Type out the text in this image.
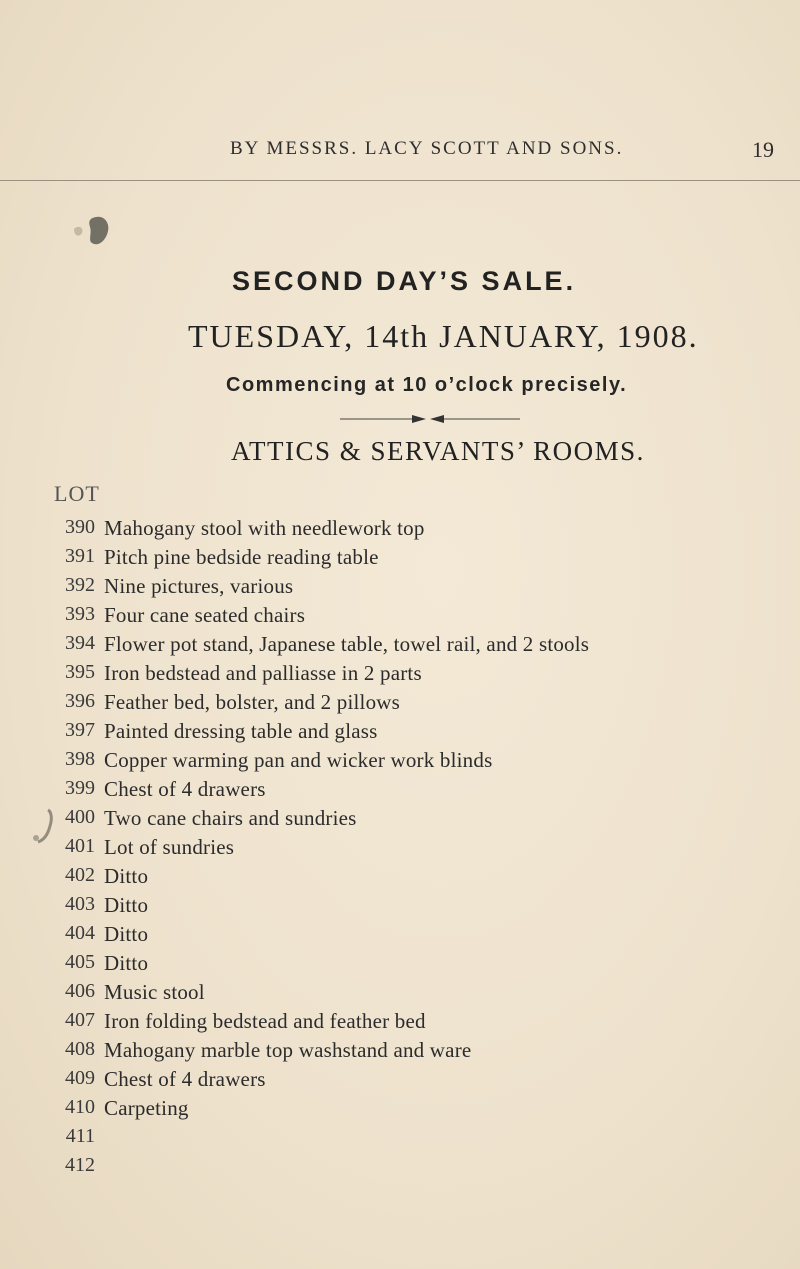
BY MESSRS. LACY SCOTT AND SONS.	19
SECOND DAY’S SALE.
TUESDAY, 14th JANUARY, 1908.
Commencing at 10 o’clock precisely.
ATTICS & SERVANTS’ ROOMS.
LOT
390 Mahogany stool with needlework top
391 Pitch pine bedside reading table
392 Nine pictures, various
393 Four cane seated chairs
394 Flower pot stand, Japanese table, towel rail, and 2 stools
395 Iron bedstead and palliasse in 2 parts
396 Feather bed, bolster, and 2 pillows
397 Painted dressing table and glass
398 Copper warming pan and wicker work blinds
399 Chest of 4 drawers
400 Two cane chairs and sundries
401 Lot of sundries
402 Ditto
403 Ditto
404 Ditto
405 Ditto
406 Music stool
407 Iron folding bedstead and feather bed
408 Mahogany marble top washstand and ware
409 Chest of 4 drawers
410 Carpeting
411
412
